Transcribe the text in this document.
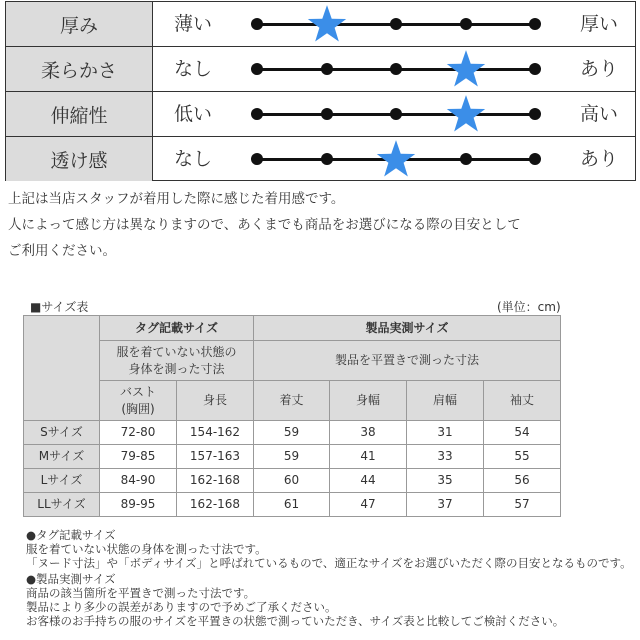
厚み	薄い	厚い
柔らかさ	なし	あり
伸縮性	低い	高い
透け感	なし	あり
上記は当店スタッフが着用した際に感じた着用感です。
人によって感じ方は異なりますので、あくまでも商品をお選びになる際の目安として
ご利用ください。
■サイズ表	(単位：cm)
	タグ記載サイズ		製品実測サイズ			
	服を着ていない状態の
身体を測った寸法		製品を平置きで測った寸法			
	バスト
(胸囲)	身長	着丈	身幅	肩幅	袖丈
Sサイズ	72-80	154-162	59	38	31	54
Mサイズ	79-85	157-163	59	41	33	55
Lサイズ	84-90	162-168	60	44	35	56
LLサイズ	89-95	162-168	61	47	37	57
●タグ記載サイズ
服を着ていない状態の身体を測った寸法です。
「ヌード寸法」や「ボディサイズ」と呼ばれているもので、適正なサイズをお選びいただく際の目安となるものです。
●製品実測サイズ
商品の該当箇所を平置きで測った寸法です。
製品により多少の誤差がありますので予めご了承ください。
お客様のお手持ちの服のサイズを平置きの状態で測っていただき、サイズ表と比較してご検討ください。
